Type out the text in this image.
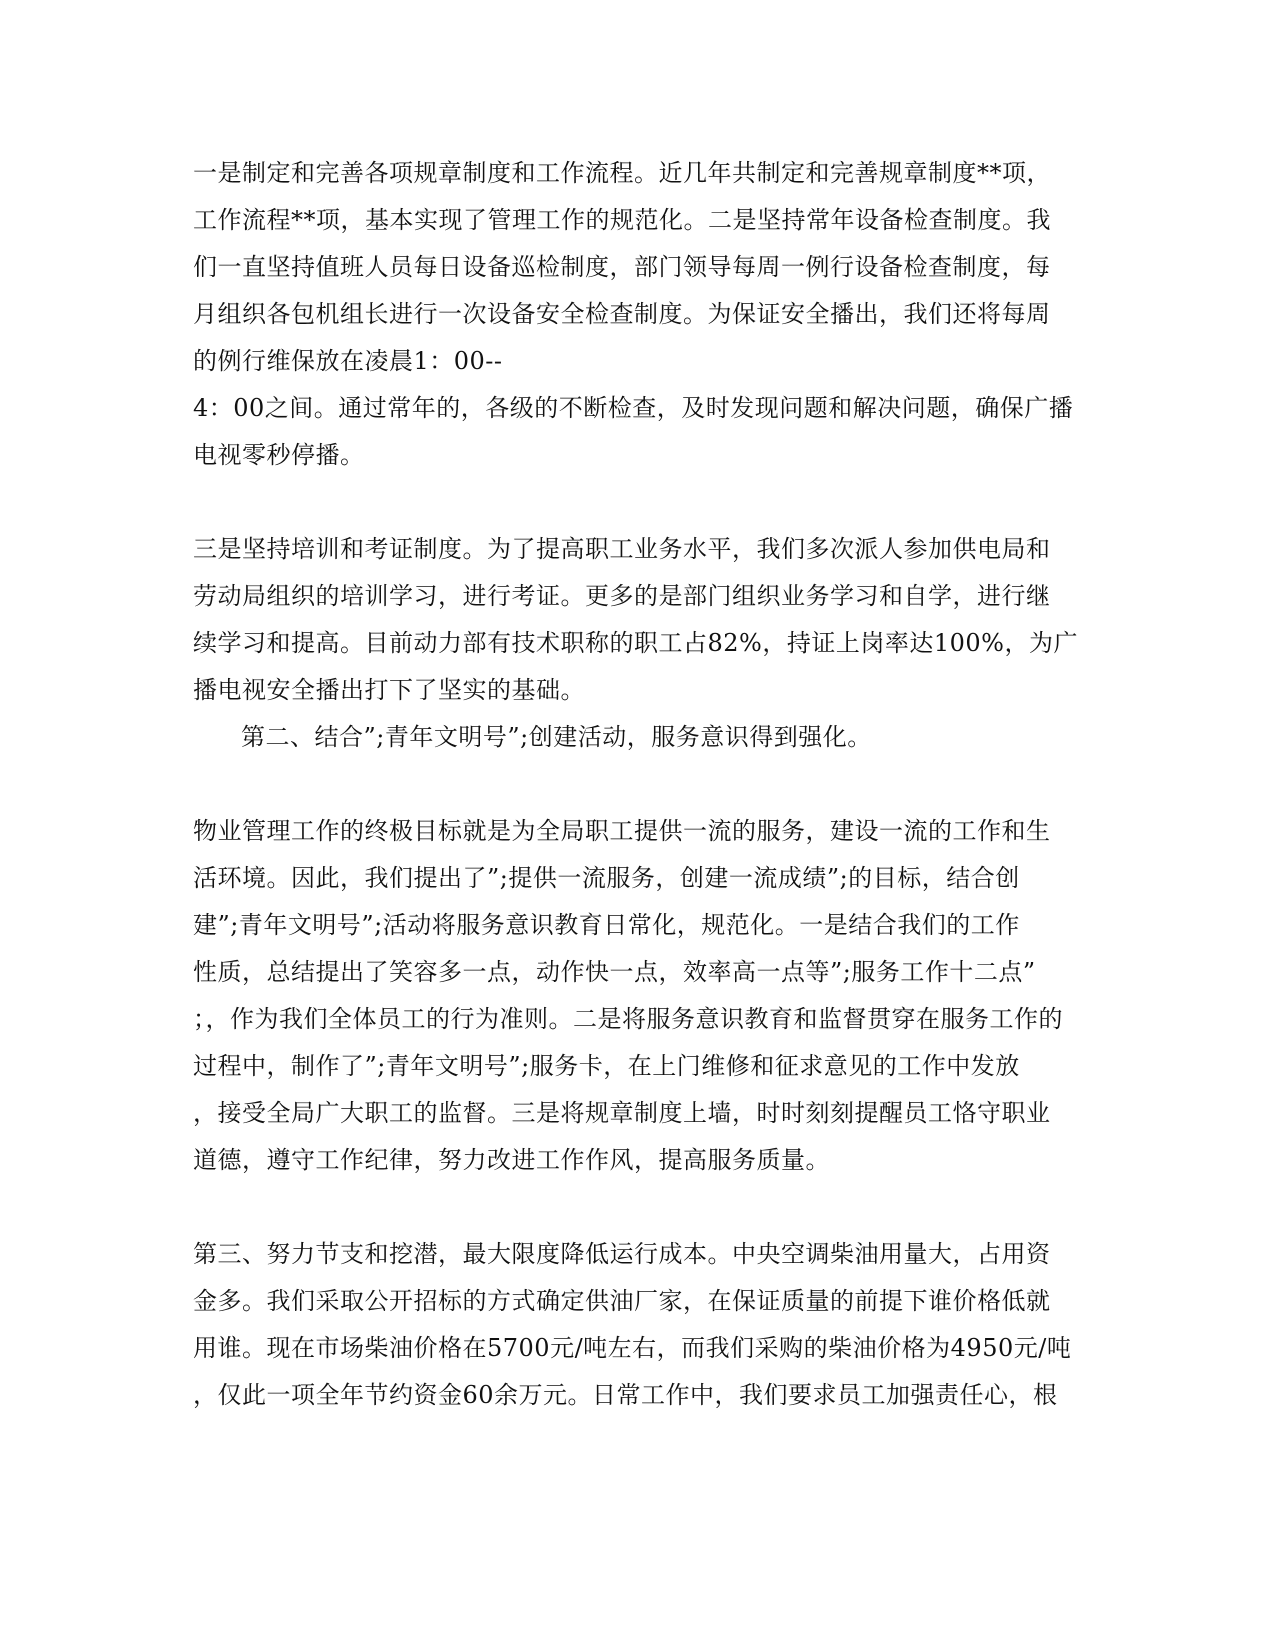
一是制定和完善各项规章制度和工作流程。近几年共制定和完善规章制度**项，
工作流程**项，基本实现了管理工作的规范化。二是坚持常年设备检查制度。我
们一直坚持值班人员每日设备巡检制度，部门领导每周一例行设备检查制度，每
月组织各包机组长进行一次设备安全检查制度。为保证安全播出，我们还将每周
的例行维保放在凌晨1：00--
4：00之间。通过常年的，各级的不断检查，及时发现问题和解决问题，确保广播
电视零秒停播。
三是坚持培训和考证制度。为了提高职工业务水平，我们多次派人参加供电局和
劳动局组织的培训学习，进行考证。更多的是部门组织业务学习和自学，进行继
续学习和提高。目前动力部有技术职称的职工占82%，持证上岗率达100%，为广
播电视安全播出打下了坚实的基础。
第二、结合”;青年文明号”;创建活动，服务意识得到强化。
物业管理工作的终极目标就是为全局职工提供一流的服务，建设一流的工作和生
活环境。因此，我们提出了”;提供一流服务，创建一流成绩”;的目标，结合创
建”;青年文明号”;活动将服务意识教育日常化，规范化。一是结合我们的工作
性质，总结提出了笑容多一点，动作快一点，效率高一点等”;服务工作十二点”
；，作为我们全体员工的行为准则。二是将服务意识教育和监督贯穿在服务工作的
过程中，制作了”;青年文明号”;服务卡，在上门维修和征求意见的工作中发放
，接受全局广大职工的监督。三是将规章制度上墙，时时刻刻提醒员工恪守职业
道德，遵守工作纪律，努力改进工作作风，提高服务质量。
第三、努力节支和挖潜，最大限度降低运行成本。中央空调柴油用量大，占用资
金多。我们采取公开招标的方式确定供油厂家，在保证质量的前提下谁价格低就
用谁。现在市场柴油价格在5700元/吨左右，而我们采购的柴油价格为4950元/吨
，仅此一项全年节约资金60余万元。日常工作中，我们要求员工加强责任心，根
